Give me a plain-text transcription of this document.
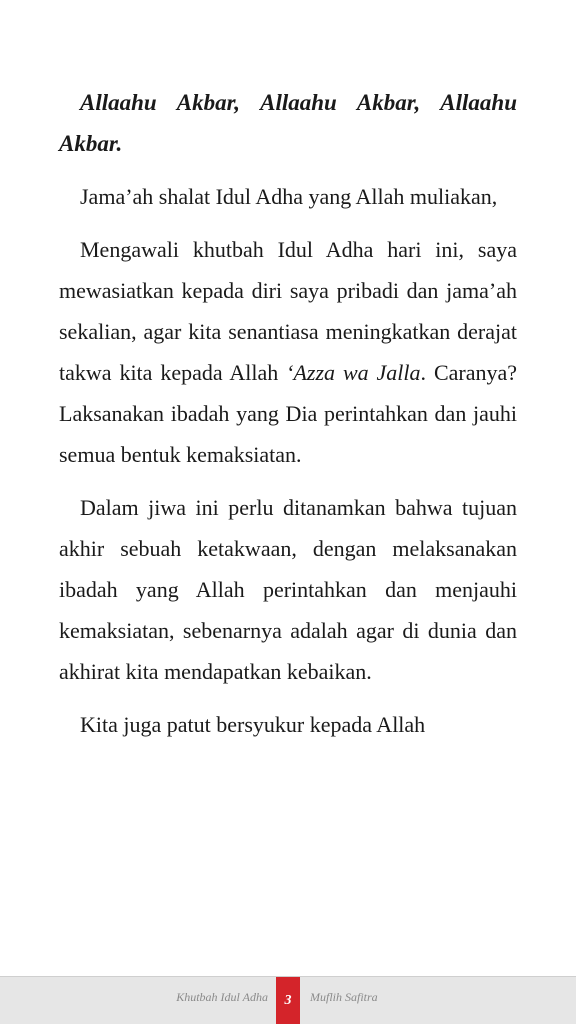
Allaahu Akbar, Allaahu Akbar, Allaahu Akbar.

Jama’ah shalat Idul Adha yang Allah muliakan,

Mengawali khutbah Idul Adha hari ini, saya mewasiatkan kepada diri saya pribadi dan jama’ah sekalian, agar kita senantiasa meningkatkan derajat takwa kita kepada Allah ‘Azza wa Jalla. Caranya? Laksanakan ibadah yang Dia perintahkan dan jauhi semua bentuk kemaksiatan.

Dalam jiwa ini perlu ditanamkan bahwa tujuan akhir sebuah ketakwaan, dengan melaksanakan ibadah yang Allah perintahkan dan menjauhi kemaksiatan, sebenarnya adalah agar di dunia dan akhirat kita mendapatkan kebaikan.

Kita juga patut bersyukur kepada Allah

Khutbah Idul Adha	3	Muflih Safitra
